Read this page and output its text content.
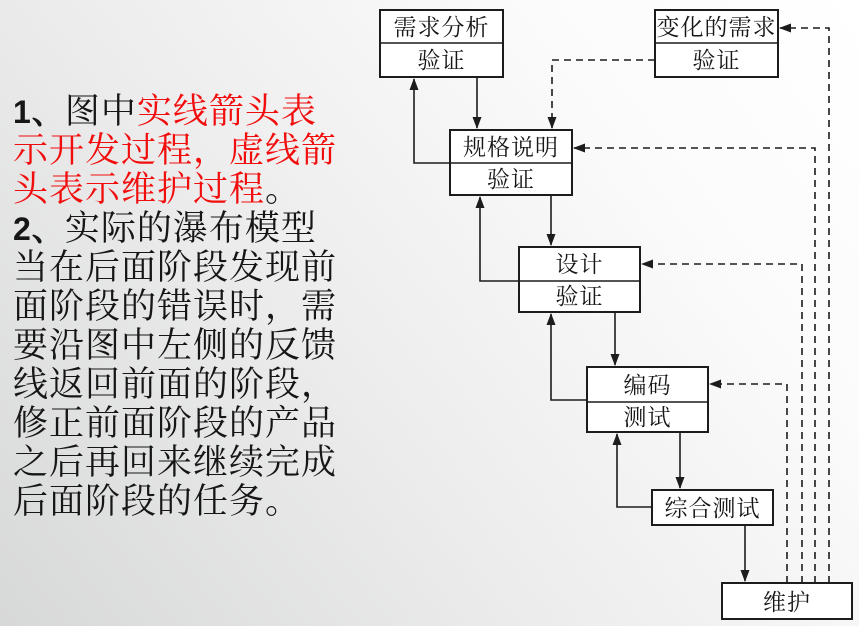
1、图中实线箭头表
示开发过程，虚线箭
头表示维护过程。
2、实际的瀑布模型
当在后面阶段发现前
面阶段的错误时，需
要沿图中左侧的反馈
线返回前面的阶段，
修正前面阶段的产品
之后再回来继续完成
后面阶段的任务。
需求分析
验证
变化的需求
验证
规格说明
验证
设计
验证
编码
测试
综合测试
维护
